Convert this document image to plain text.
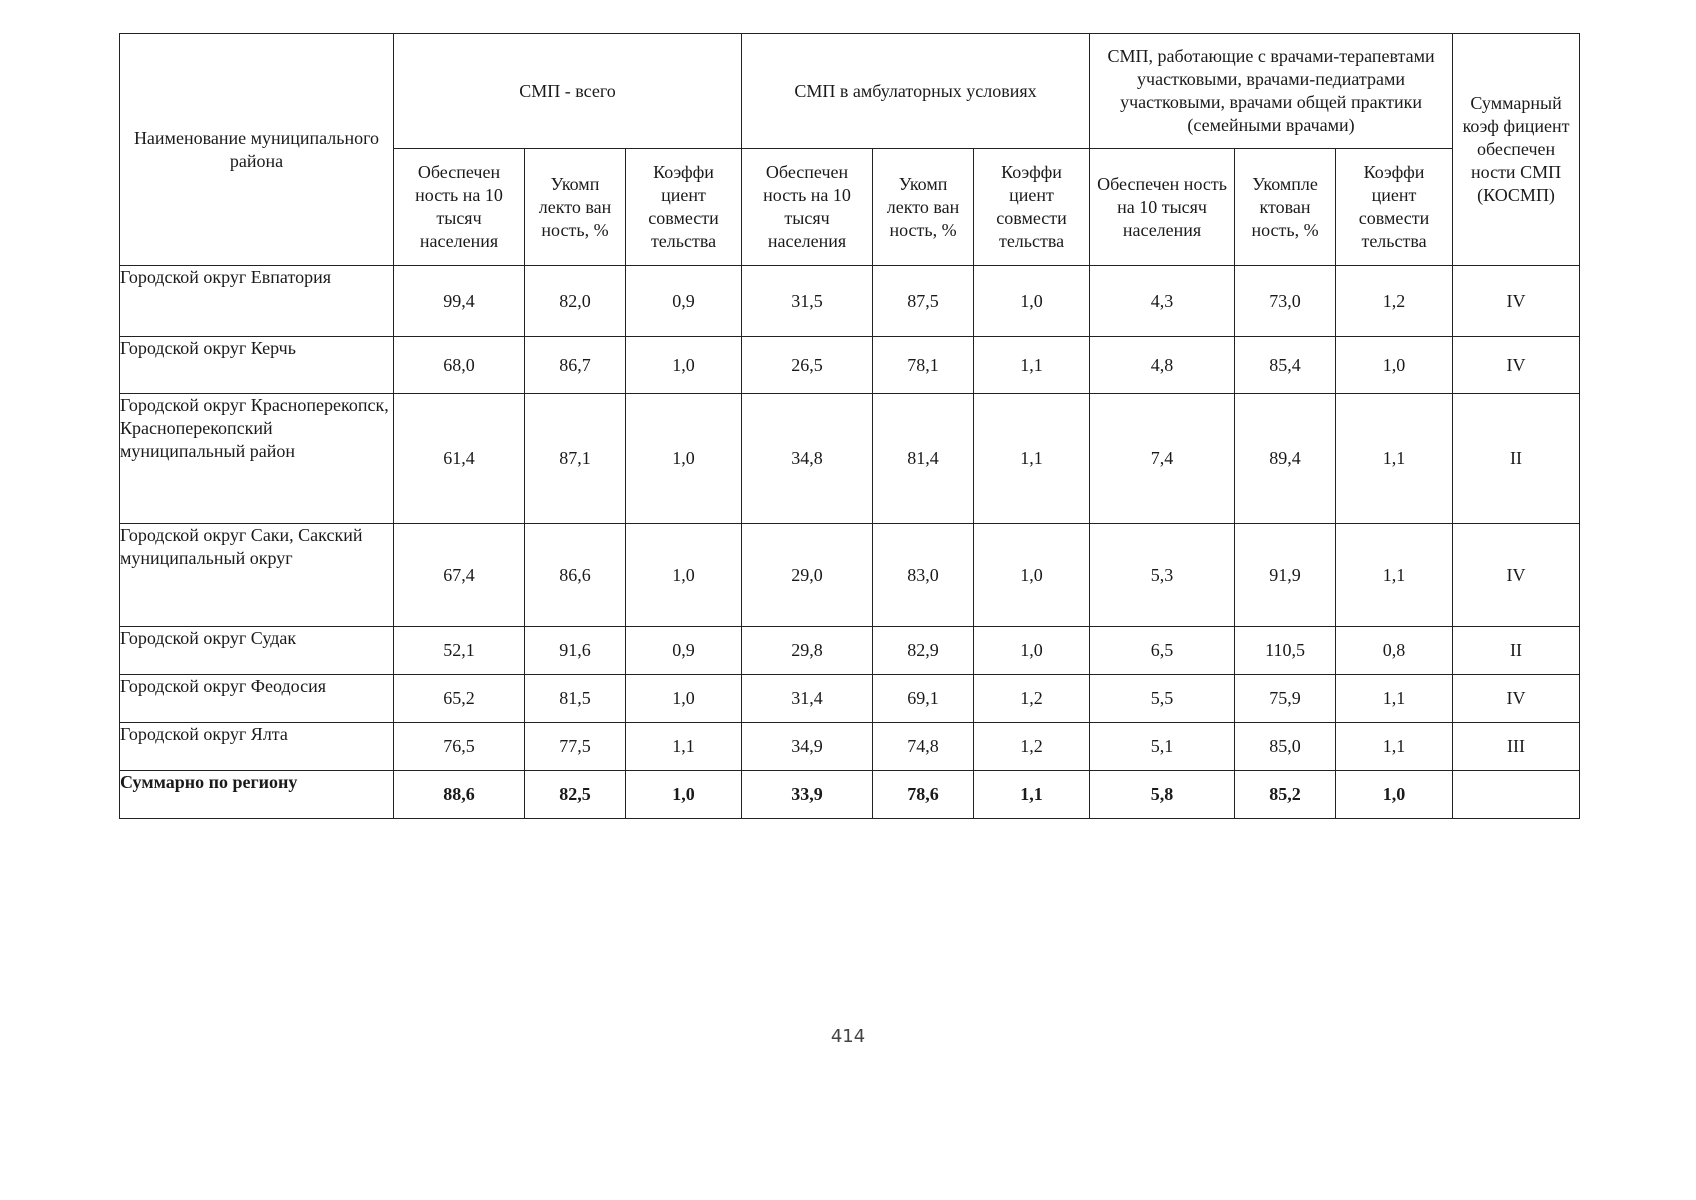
Наименование муниципального района	СМП - всего			СМП в амбулаторных условиях			СМП, работающие с врачами-терапевтами участковыми, врачами-педиатрами участковыми, врачами общей практики (семейными врачами)			Суммарный коэф фициент обеспечен ности СМП (КОСМП)
	Обеспечен ность на 10 тысяч населения	Укомп лекто ван ность, %	Коэффи циент совмести тельства	Обеспечен ность на 10 тысяч населения	Укомп лекто ван ность, %	Коэффи циент совмести тельства	Обеспечен ность на 10 тысяч населения	Укомпле ктован ность, %	Коэффи циент совмести тельства	
Городской округ Евпатория	99,4	82,0	0,9	31,5	87,5	1,0	4,3	73,0	1,2	IV
Городской округ Керчь	68,0	86,7	1,0	26,5	78,1	1,1	4,8	85,4	1,0	IV
Городской округ Красноперекопск, Красноперекопский муниципальный район	61,4	87,1	1,0	34,8	81,4	1,1	7,4	89,4	1,1	II
Городской округ Саки, Сакский муниципальный округ	67,4	86,6	1,0	29,0	83,0	1,0	5,3	91,9	1,1	IV
Городской округ Судак	52,1	91,6	0,9	29,8	82,9	1,0	6,5	110,5	0,8	II
Городской округ Феодосия	65,2	81,5	1,0	31,4	69,1	1,2	5,5	75,9	1,1	IV
Городской округ Ялта	76,5	77,5	1,1	34,9	74,8	1,2	5,1	85,0	1,1	III
Суммарно по региону	88,6	82,5	1,0	33,9	78,6	1,1	5,8	85,2	1,0	
414
